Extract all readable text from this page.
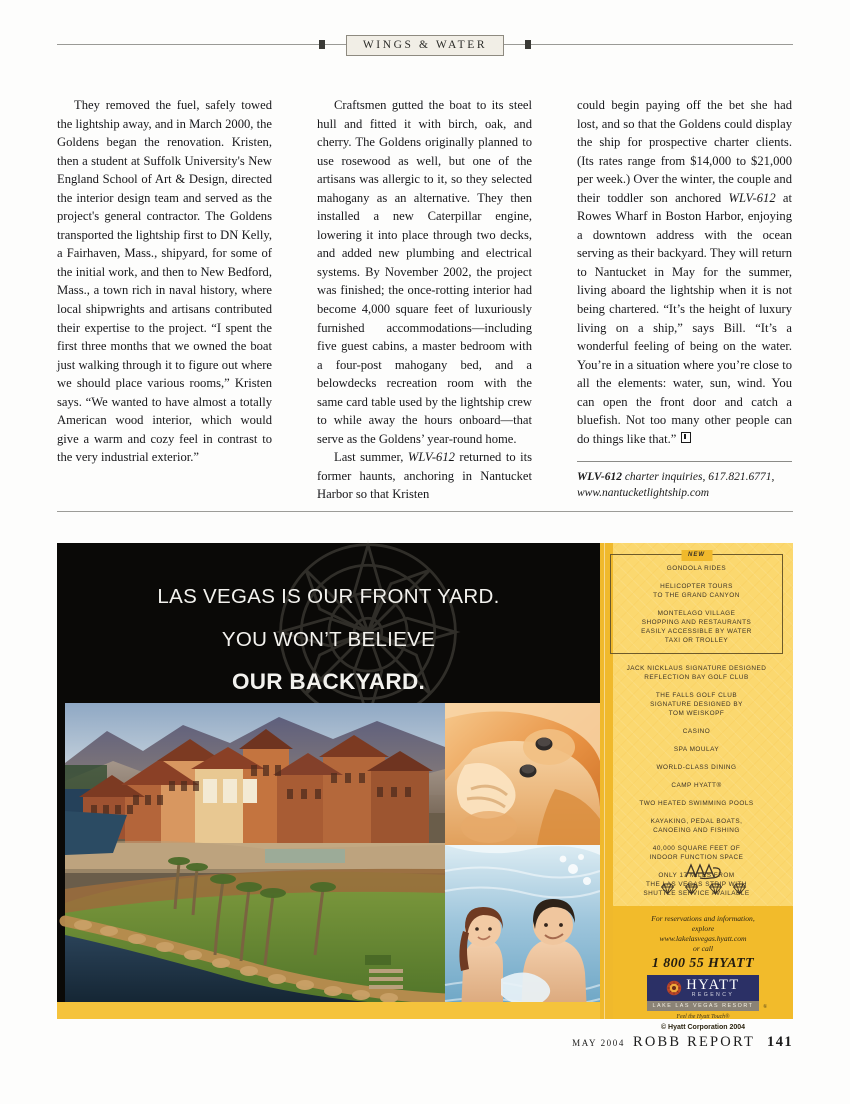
WINGS & WATER

They removed the fuel, safely towed the lightship away, and in March 2000, the Goldens began the renovation. Kristen, then a student at Suffolk University's New England School of Art & Design, directed the interior design team and served as the project's general contractor. The Goldens transported the lightship first to DN Kelly, a Fairhaven, Mass., shipyard, for some of the initial work, and then to New Bedford, Mass., a town rich in naval history, where local shipwrights and artisans contributed their expertise to the project. “I spent the first three months that we owned the boat just walking through it to figure out where we should place various rooms,” Kristen says. “We wanted to have almost a totally American wood interior, which would give a warm and cozy feel in contrast to the very industrial exterior.”

Craftsmen gutted the boat to its steel hull and fitted it with birch, oak, and cherry. The Goldens originally planned to use rosewood as well, but one of the artisans was allergic to it, so they selected mahogany as an alternative. They then installed a new Caterpillar engine, lowering it into place through two decks, and added new plumbing and electrical systems. By November 2002, the project was finished; the once-rotting interior had become 4,000 square feet of luxuriously furnished accommodations—including five guest cabins, a master bedroom with a four-post mahogany bed, and a belowdecks recreation room with the same card table used by the lightship crew to while away the hours onboard—that serve as the Goldens’ year-round home.

Last summer, WLV-612 returned to its former haunts, anchoring in Nantucket Harbor so that Kristen

could begin paying off the bet she had lost, and so that the Goldens could display the ship for prospective charter clients. (Its rates range from $14,000 to $21,000 per week.) Over the winter, the couple and their toddler son anchored WLV-612 at Rowes Wharf in Boston Harbor, enjoying a downtown address with the ocean serving as their backyard. They will return to Nantucket in May for the summer, living aboard the lightship when it is not being chartered. “It’s the height of luxury living on a ship,” says Bill. “It’s a wonderful feeling of being on the water. You’re in a situation where you’re close to all the elements: water, sun, wind. You can open the front door and catch a bluefish. Not too many other people can do things like that.”

WLV-612 charter inquiries, 617.821.6771, www.nantucketlightship.com
LAS VEGAS IS OUR FRONT YARD.
YOU WON’T BELIEVE
OUR BACKYARD.
NEW
GONDOLA RIDES
HELICOPTER TOURS
TO THE GRAND CANYON
MONTELAGO VILLAGE
SHOPPING AND RESTAURANTS
EASILY ACCESSIBLE BY WATER
TAXI OR TROLLEY
JACK NICKLAUS SIGNATURE DESIGNED
REFLECTION BAY GOLF CLUB
THE FALLS GOLF CLUB
SIGNATURE DESIGNED BY
TOM WEISKOPF
CASINO
SPA MOULAY
WORLD-CLASS DINING
CAMP HYATT®
TWO HEATED SWIMMING POOLS
KAYAKING, PEDAL BOATS,
CANOEING AND FISHING
40,000 SQUARE FEET OF
INDOOR FUNCTION SPACE
ONLY 17 MILES FROM
THE LAS VEGAS STRIP WITH
SHUTTLE SERVICE AVAILABLE
For reservations and information,
explore
www.lakelasvegas.hyatt.com
or call
1 800 55 HYATT
HYATT
REGENCY
LAKE LAS VEGAS RESORT	®
Feel the Hyatt Touch®
© Hyatt Corporation 2004
MAY 2004 ROBB REPORT 141
